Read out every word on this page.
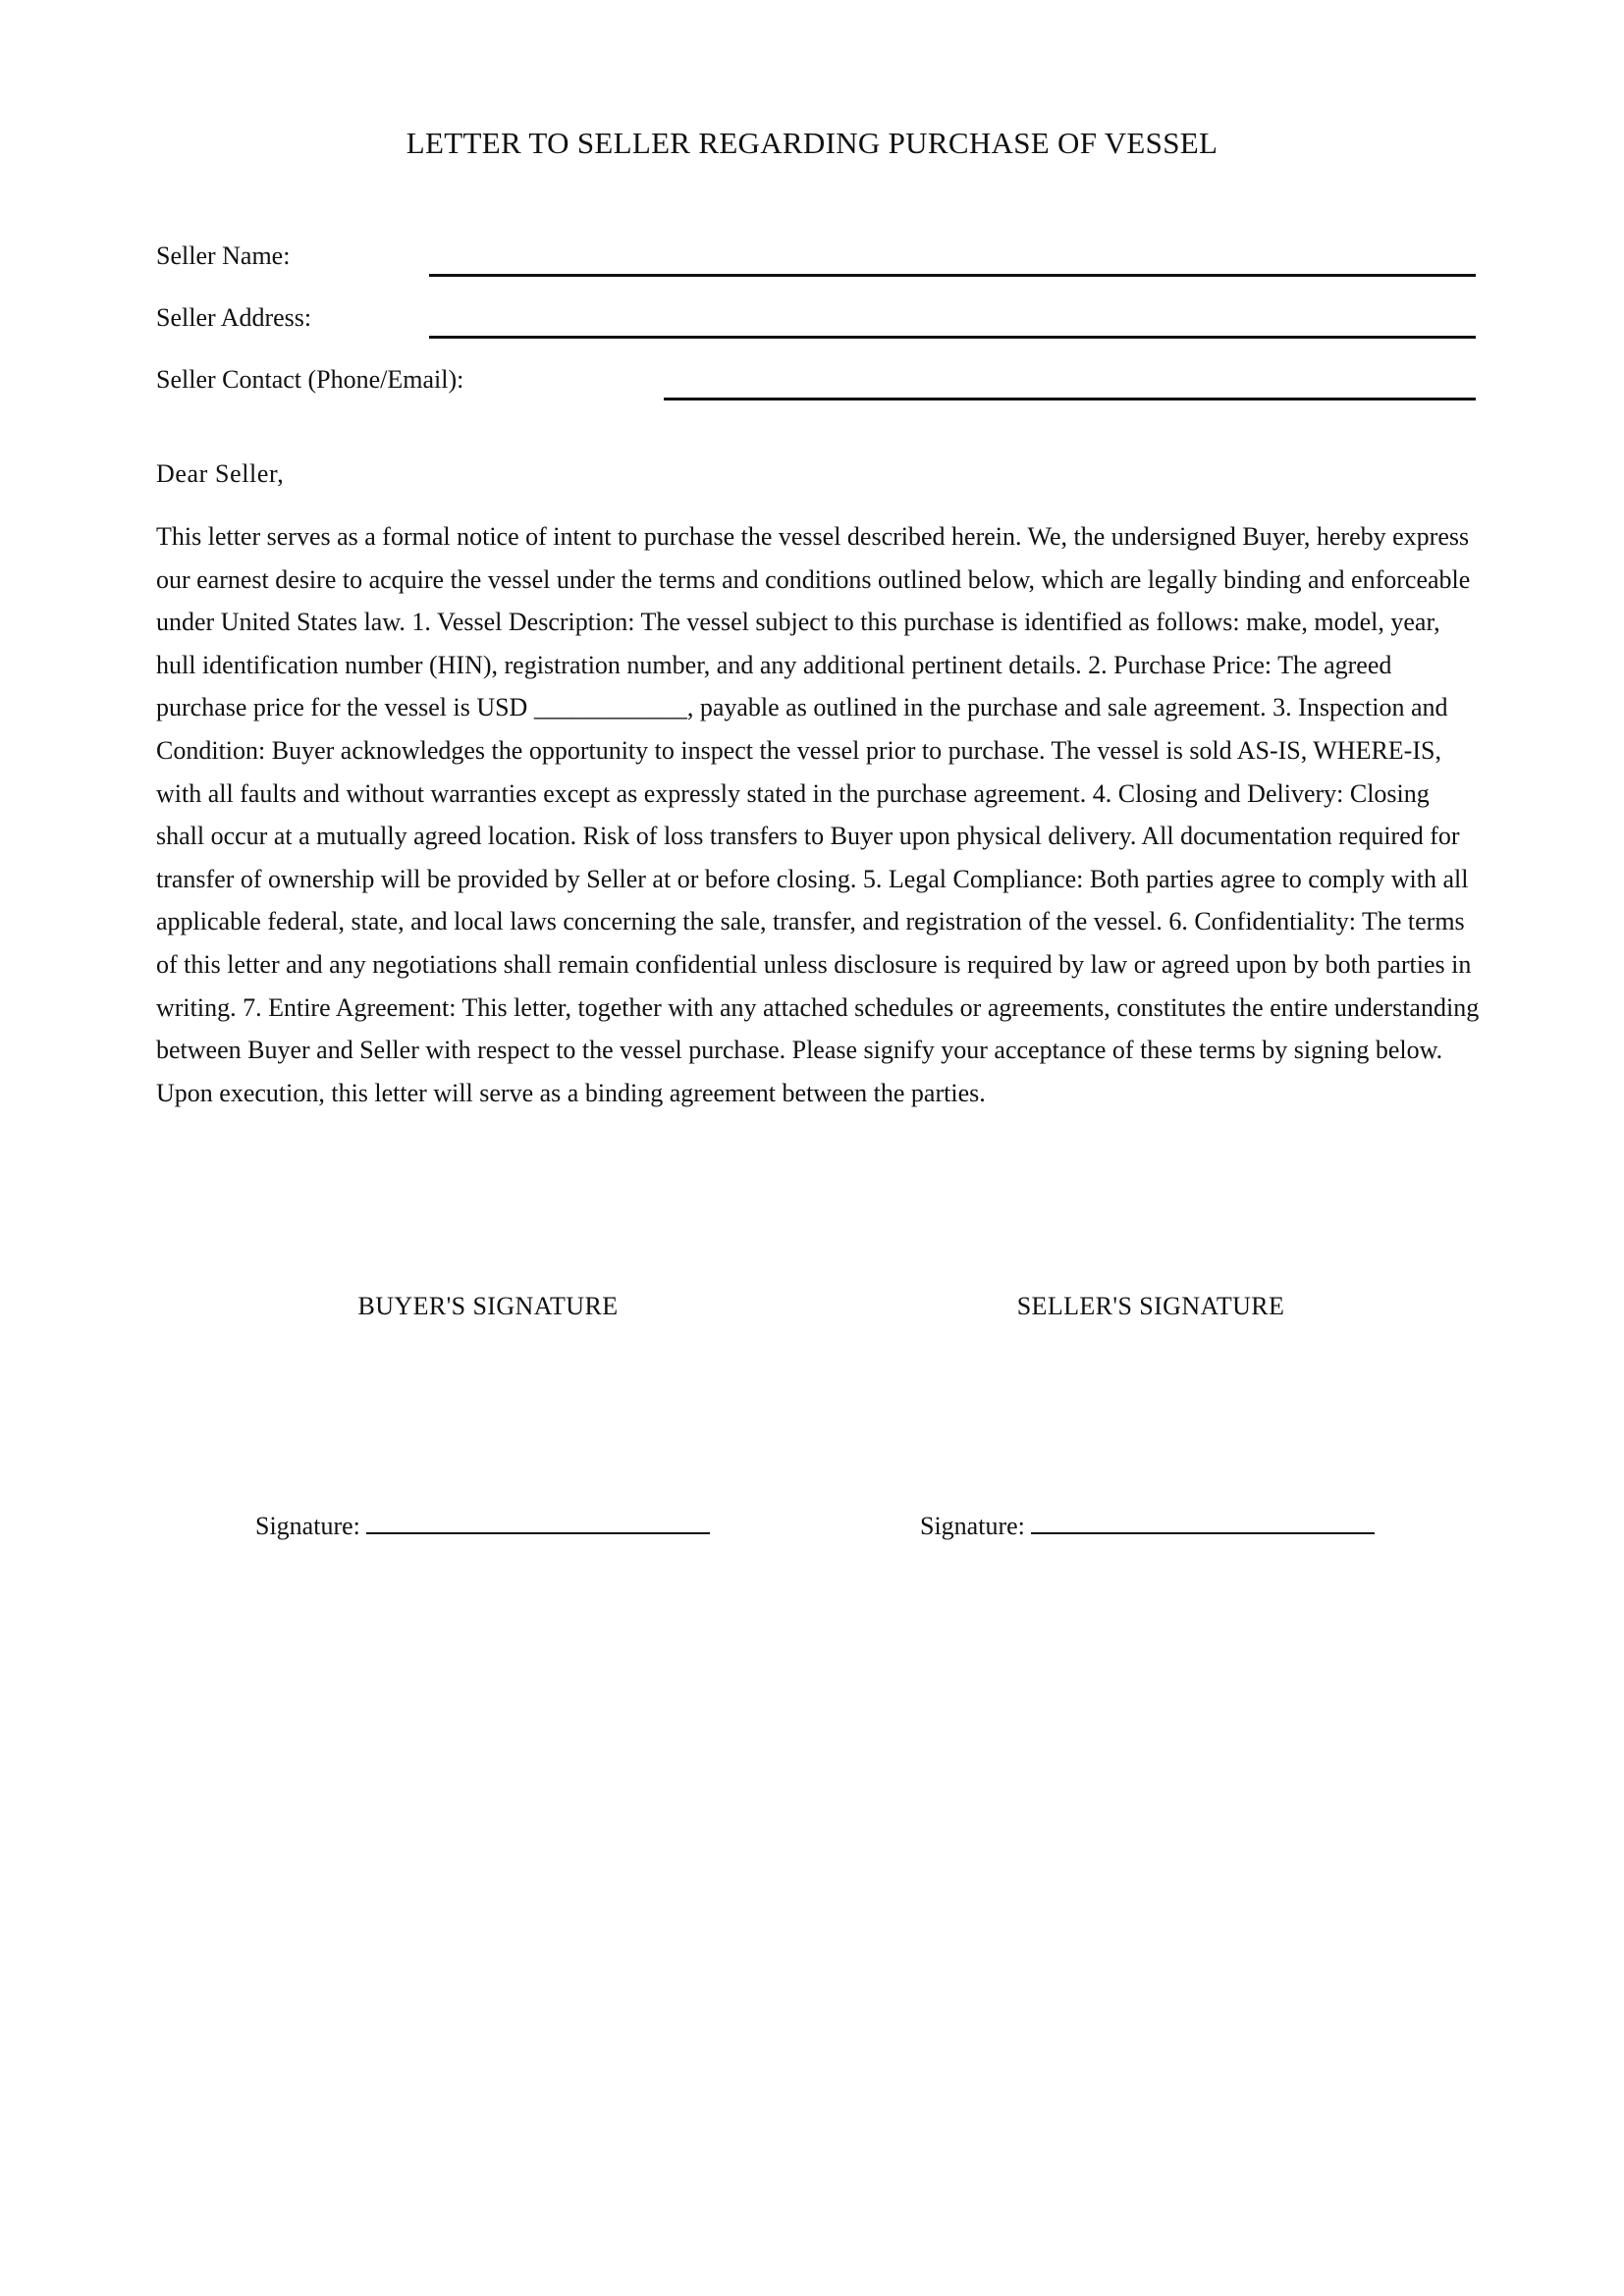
LETTER TO SELLER REGARDING PURCHASE OF VESSEL
Seller Name:
Seller Address:
Seller Contact (Phone/Email):
Dear Seller,

This letter serves as a formal notice of intent to purchase the vessel described herein. We, the undersigned Buyer, hereby express our earnest desire to acquire the vessel under the terms and conditions outlined below, which are legally binding and enforceable under United States law. 1. Vessel Description: The vessel subject to this purchase is identified as follows: make, model, year, hull identification number (HIN), registration number, and any additional pertinent details. 2. Purchase Price: The agreed purchase price for the vessel is USD ____________, payable as outlined in the purchase and sale agreement. 3. Inspection and Condition: Buyer acknowledges the opportunity to inspect the vessel prior to purchase. The vessel is sold AS-IS, WHERE-IS, with all faults and without warranties except as expressly stated in the purchase agreement. 4. Closing and Delivery: Closing shall occur at a mutually agreed location. Risk of loss transfers to Buyer upon physical delivery. All documentation required for transfer of ownership will be provided by Seller at or before closing. 5. Legal Compliance: Both parties agree to comply with all applicable federal, state, and local laws concerning the sale, transfer, and registration of the vessel. 6. Confidentiality: The terms of this letter and any negotiations shall remain confidential unless disclosure is required by law or agreed upon by both parties in writing. 7. Entire Agreement: This letter, together with any attached schedules or agreements, constitutes the entire understanding between Buyer and Seller with respect to the vessel purchase. Please signify your acceptance of these terms by signing below. Upon execution, this letter will serve as a binding agreement between the parties.

BUYER'S SIGNATURE	SELLER'S SIGNATURE
Signature:	Signature:
